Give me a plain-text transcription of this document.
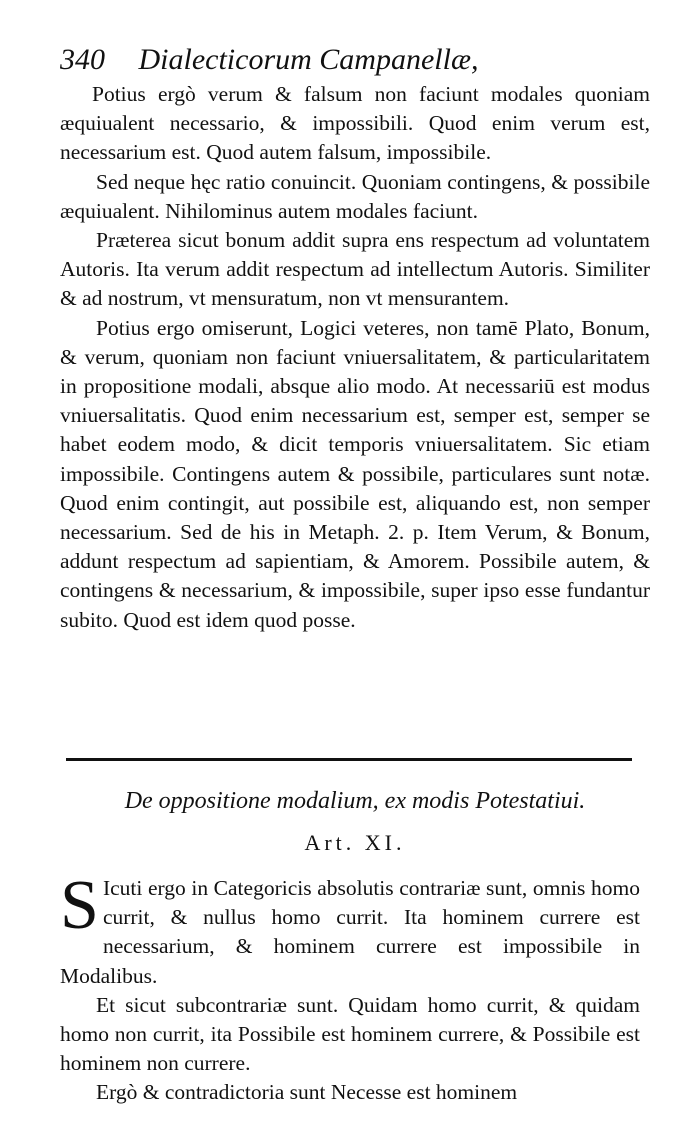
340 Dialecticorum Campanellæ,

Potius ergò verum & falsum non faciunt modales quoniam æquiualent necessario, & impossibili. Quod enim verum est, necessarium est. Quod autem falsum, impossibile.

Sed neque hęc ratio conuincit. Quoniam contingens, & possibile æquiualent. Nihilominus autem modales faciunt.

Præterea sicut bonum addit supra ens respectum ad voluntatem Autoris. Ita verum addit respectum ad intellectum Autoris. Similiter & ad nostrum, vt mensuratum, non vt mensurantem.

Potius ergo omiserunt, Logici veteres, non tamē Plato, Bonum, & verum, quoniam non faciunt vniuersalitatem, & particularitatem in propositione modali, absque alio modo. At necessariū est modus vniuersalitatis. Quod enim necessarium est, semper est, semper se habet eodem modo, & dicit temporis vniuersalitatem. Sic etiam impossibile. Contingens autem & possibile, particulares sunt notæ. Quod enim contingit, aut possibile est, aliquando est, non semper necessarium. Sed de his in Metaph. 2. p. Item Verum, & Bonum, addunt respectum ad sapientiam, & Amorem. Possibile autem, & contingens & necessarium, & impossibile, super ipso esse fundantur subito. Quod est idem quod posse.

De oppositione modalium, ex modis Potestatiui.
Art. XI.

S Icuti ergo in Categoricis absolutis contrariæ sunt, omnis homo currit, & nullus homo currit. Ita hominem currere est necessarium, & hominem currere est impossibile in Modalibus.

Et sicut subcontrariæ sunt. Quidam homo currit, & quidam homo non currit, ita Possibile est hominem currere, & Possibile est hominem non currere.

Ergò & contradictoria sunt Necesse est hominem
